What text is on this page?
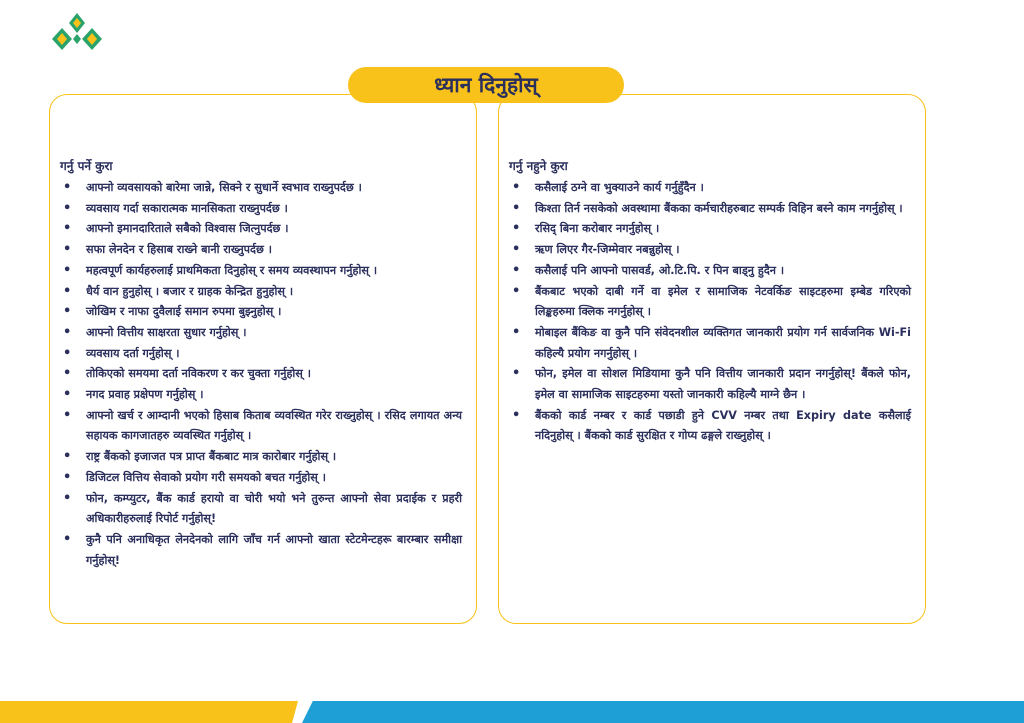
ध्यान दिनुहोस्
गर्नु पर्ने कुरा
• आफ्नो व्यवसायको बारेमा जान्ने, सिक्ने र सुधार्ने स्वभाव राख्नुपर्दछ ।
• व्यवसाय गर्दा सकारात्मक मानसिकता राख्नुपर्दछ ।
• आफ्नो इमानदारिताले सबैको विश्वास जित्नुपर्दछ ।
• सफा लेनदेन र हिसाब राख्ने बानी राख्नुपर्दछ ।
• महत्वपूर्ण कार्यहरुलाई प्राथमिकता दिनुहोस् र समय व्यवस्थापन गर्नुहोस् ।
• धैर्य वान हुनुहोस् । बजार र ग्राहक केन्द्रित हुनुहोस् ।
• जोखिम र नाफा दुवैलाई समान रुपमा बुझ्नुहोस् ।
• आफ्नो वित्तीय साक्षरता सुधार गर्नुहोस् ।
• व्यवसाय दर्ता गर्नुहोस् ।
• तोकिएको समयमा दर्ता नविकरण र कर चुक्ता गर्नुहोस् ।
• नगद प्रवाह प्रक्षेपण गर्नुहोस् ।
• आफ्नो खर्च र आम्दानी भएको हिसाब किताब व्यवस्थित गरेर राख्नुहोस् । रसिद लगायत अन्य सहायक कागजातहरु व्यवस्थित गर्नुहोस् ।
• राष्ट्र बैंकको इजाजत पत्र प्राप्त बैंकबाट मात्र कारोबार गर्नुहोस् ।
• डिजिटल वित्तिय सेवाको प्रयोग गरी समयको बचत गर्नुहोस् ।
• फोन, कम्प्युटर, बैंक कार्ड हरायो वा चोरी भयो भने तुरुन्त आफ्नो सेवा प्रदाईक र प्रहरी अधिकारीहरुलाई रिपोर्ट गर्नुहोस्!
• कुनै पनि अनाधिकृत लेनदेनको लागि जाँच गर्न आफ्नो खाता स्टेटमेन्टहरू बारम्बार समीक्षा गर्नुहोस्!
गर्नु नहुने कुरा
• कसैलाई ठग्ने वा भुक्याउने कार्य गर्नुहुँदैन ।
• किश्ता तिर्न नसकेको अवस्थामा बैंकका कर्मचारीहरुबाट सम्पर्क विहिन बस्ने काम नगर्नुहोस् ।
• रसिद् बिना करोबार नगर्नुहोस् ।
• ऋण लिएर गैर-जिम्मेवार नबन्नुहोस् ।
• कसैलाई पनि आफ्नो पासवर्ड, ओ.टि.पि. र पिन बाड्नु हुदैन ।
• बैंकबाट भएको दाबी गर्ने वा इमेल र सामाजिक नेटवर्किङ साइटहरुमा इम्बेड गरिएको लिङ्कहरुमा क्लिक नगर्नुहोस् ।
• मोबाइल बैंकिङ वा कुनै पनि संवेदनशील व्यक्तिगत जानकारी प्रयोग गर्न सार्वजनिक Wi-Fi कहिल्यै प्रयोग नगर्नुहोस् ।
• फोन, इमेल वा सोशल मिडियामा कुनै पनि वित्तीय जानकारी प्रदान नगर्नुहोस्! बैंकले फोन, इमेल वा सामाजिक साइटहरुमा यस्तो जानकारी कहिल्यै माग्ने छैन ।
• बैंकको कार्ड नम्बर र कार्ड पछाडी हुने CVV नम्बर तथा Expiry date कसैलाई नदिनुहोस् । बैंकको कार्ड सुरक्षित र गोप्य ढङ्गले राख्नुहोस् ।
